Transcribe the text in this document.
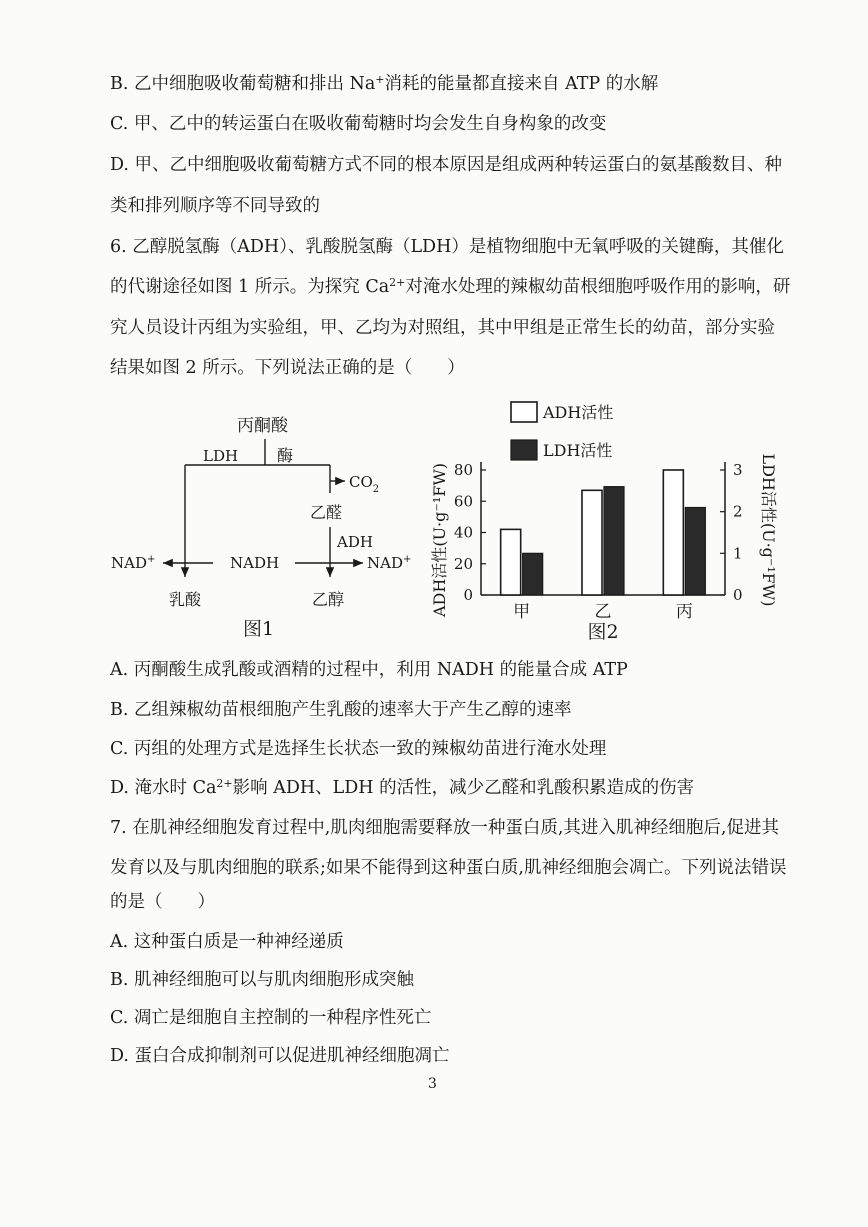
B. 乙中细胞吸收葡萄糖和排出 Na+消耗的能量都直接来自 ATP 的水解
C. 甲、乙中的转运蛋白在吸收葡萄糖时均会发生自身构象的改变
D. 甲、乙中细胞吸收葡萄糖方式不同的根本原因是组成两种转运蛋白的氨基酸数目、种
类和排列顺序等不同导致的
6. 乙醇脱氢酶（ADH）、乳酸脱氢酶（LDH）是植物细胞中无氧呼吸的关键酶，其催化
的代谢途径如图 1 所示。为探究 $Ca^{2+}$对淹水处理的辣椒幼苗根细胞呼吸作用的影响，研
究人员设计丙组为实验组，甲、乙均为对照组，其中甲组是正常生长的幼苗，部分实验
结果如图 2 所示。下列说法正确的是（　　）
丙酮酸
LDH 酶
$CO_2$
乙醛
ADH
NAD+	NADH	NAD+
乳酸	乙醇
图1
0
20
40
60
80
0
1
2
3
甲	乙	丙
ADH活性
LDH活性
ADH活性(U·g⁻¹FW)	LDH活性(U·g⁻¹FW)
图2
A. 丙酮酸生成乳酸或酒精的过程中，利用 NADH 的能量合成 ATP
B. 乙组辣椒幼苗根细胞产生乳酸的速率大于产生乙醇的速率
C. 丙组的处理方式是选择生长状态一致的辣椒幼苗进行淹水处理
D. 淹水时 $Ca^{2+}$影响 ADH、LDH 的活性，减少乙醛和乳酸积累造成的伤害
7. 在肌神经细胞发育过程中,肌肉细胞需要释放一种蛋白质,其进入肌神经细胞后,促进其
发育以及与肌肉细胞的联系;如果不能得到这种蛋白质,肌神经细胞会凋亡。下列说法错误
的是（　　）
A. 这种蛋白质是一种神经递质
B. 肌神经细胞可以与肌肉细胞形成突触
C. 凋亡是细胞自主控制的一种程序性死亡
D. 蛋白合成抑制剂可以促进肌神经细胞凋亡
3
